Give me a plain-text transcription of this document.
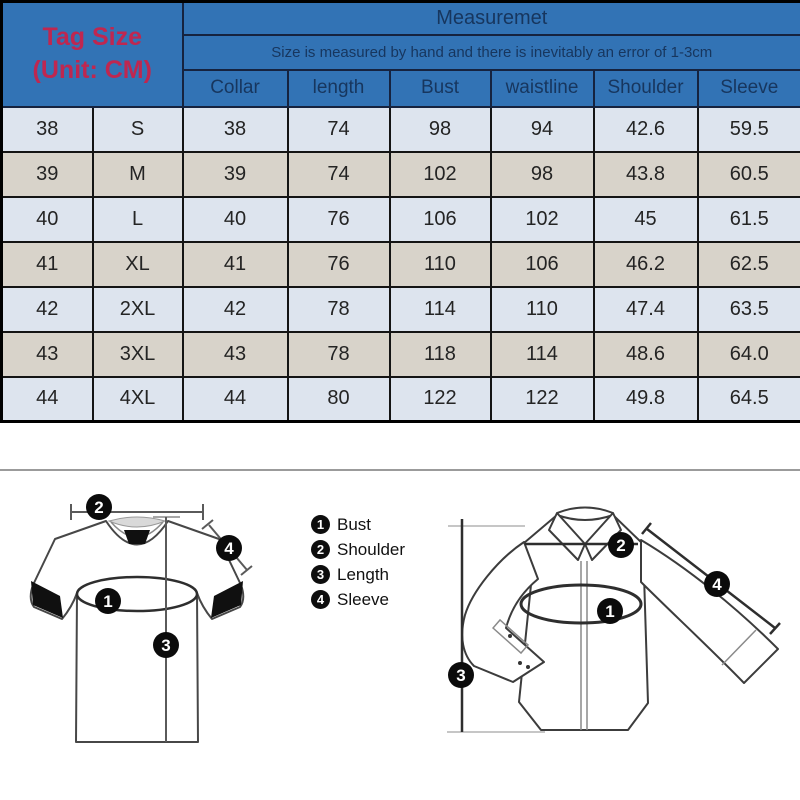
Tag Size
(Unit: CM)		Measuremet					
		Size is measured by hand and there is inevitably an error of 1-3cm					
		Collar	length	Bust	waistline	Shoulder	Sleeve
38	S	38	74	98	94	42.6	59.5
39	M	39	74	102	98	43.8	60.5
40	L	40	76	106	102	45	61.5
41	XL	41	76	110	106	46.2	62.5
42	2XL	42	78	114	110	47.4	63.5
43	3XL	43	78	118	114	48.6	64.0
44	4XL	44	80	122	122	49.8	64.5
2
1
3
4
3
2
1
4
1 Bust
2 Shoulder
3 Length
4 Sleeve
